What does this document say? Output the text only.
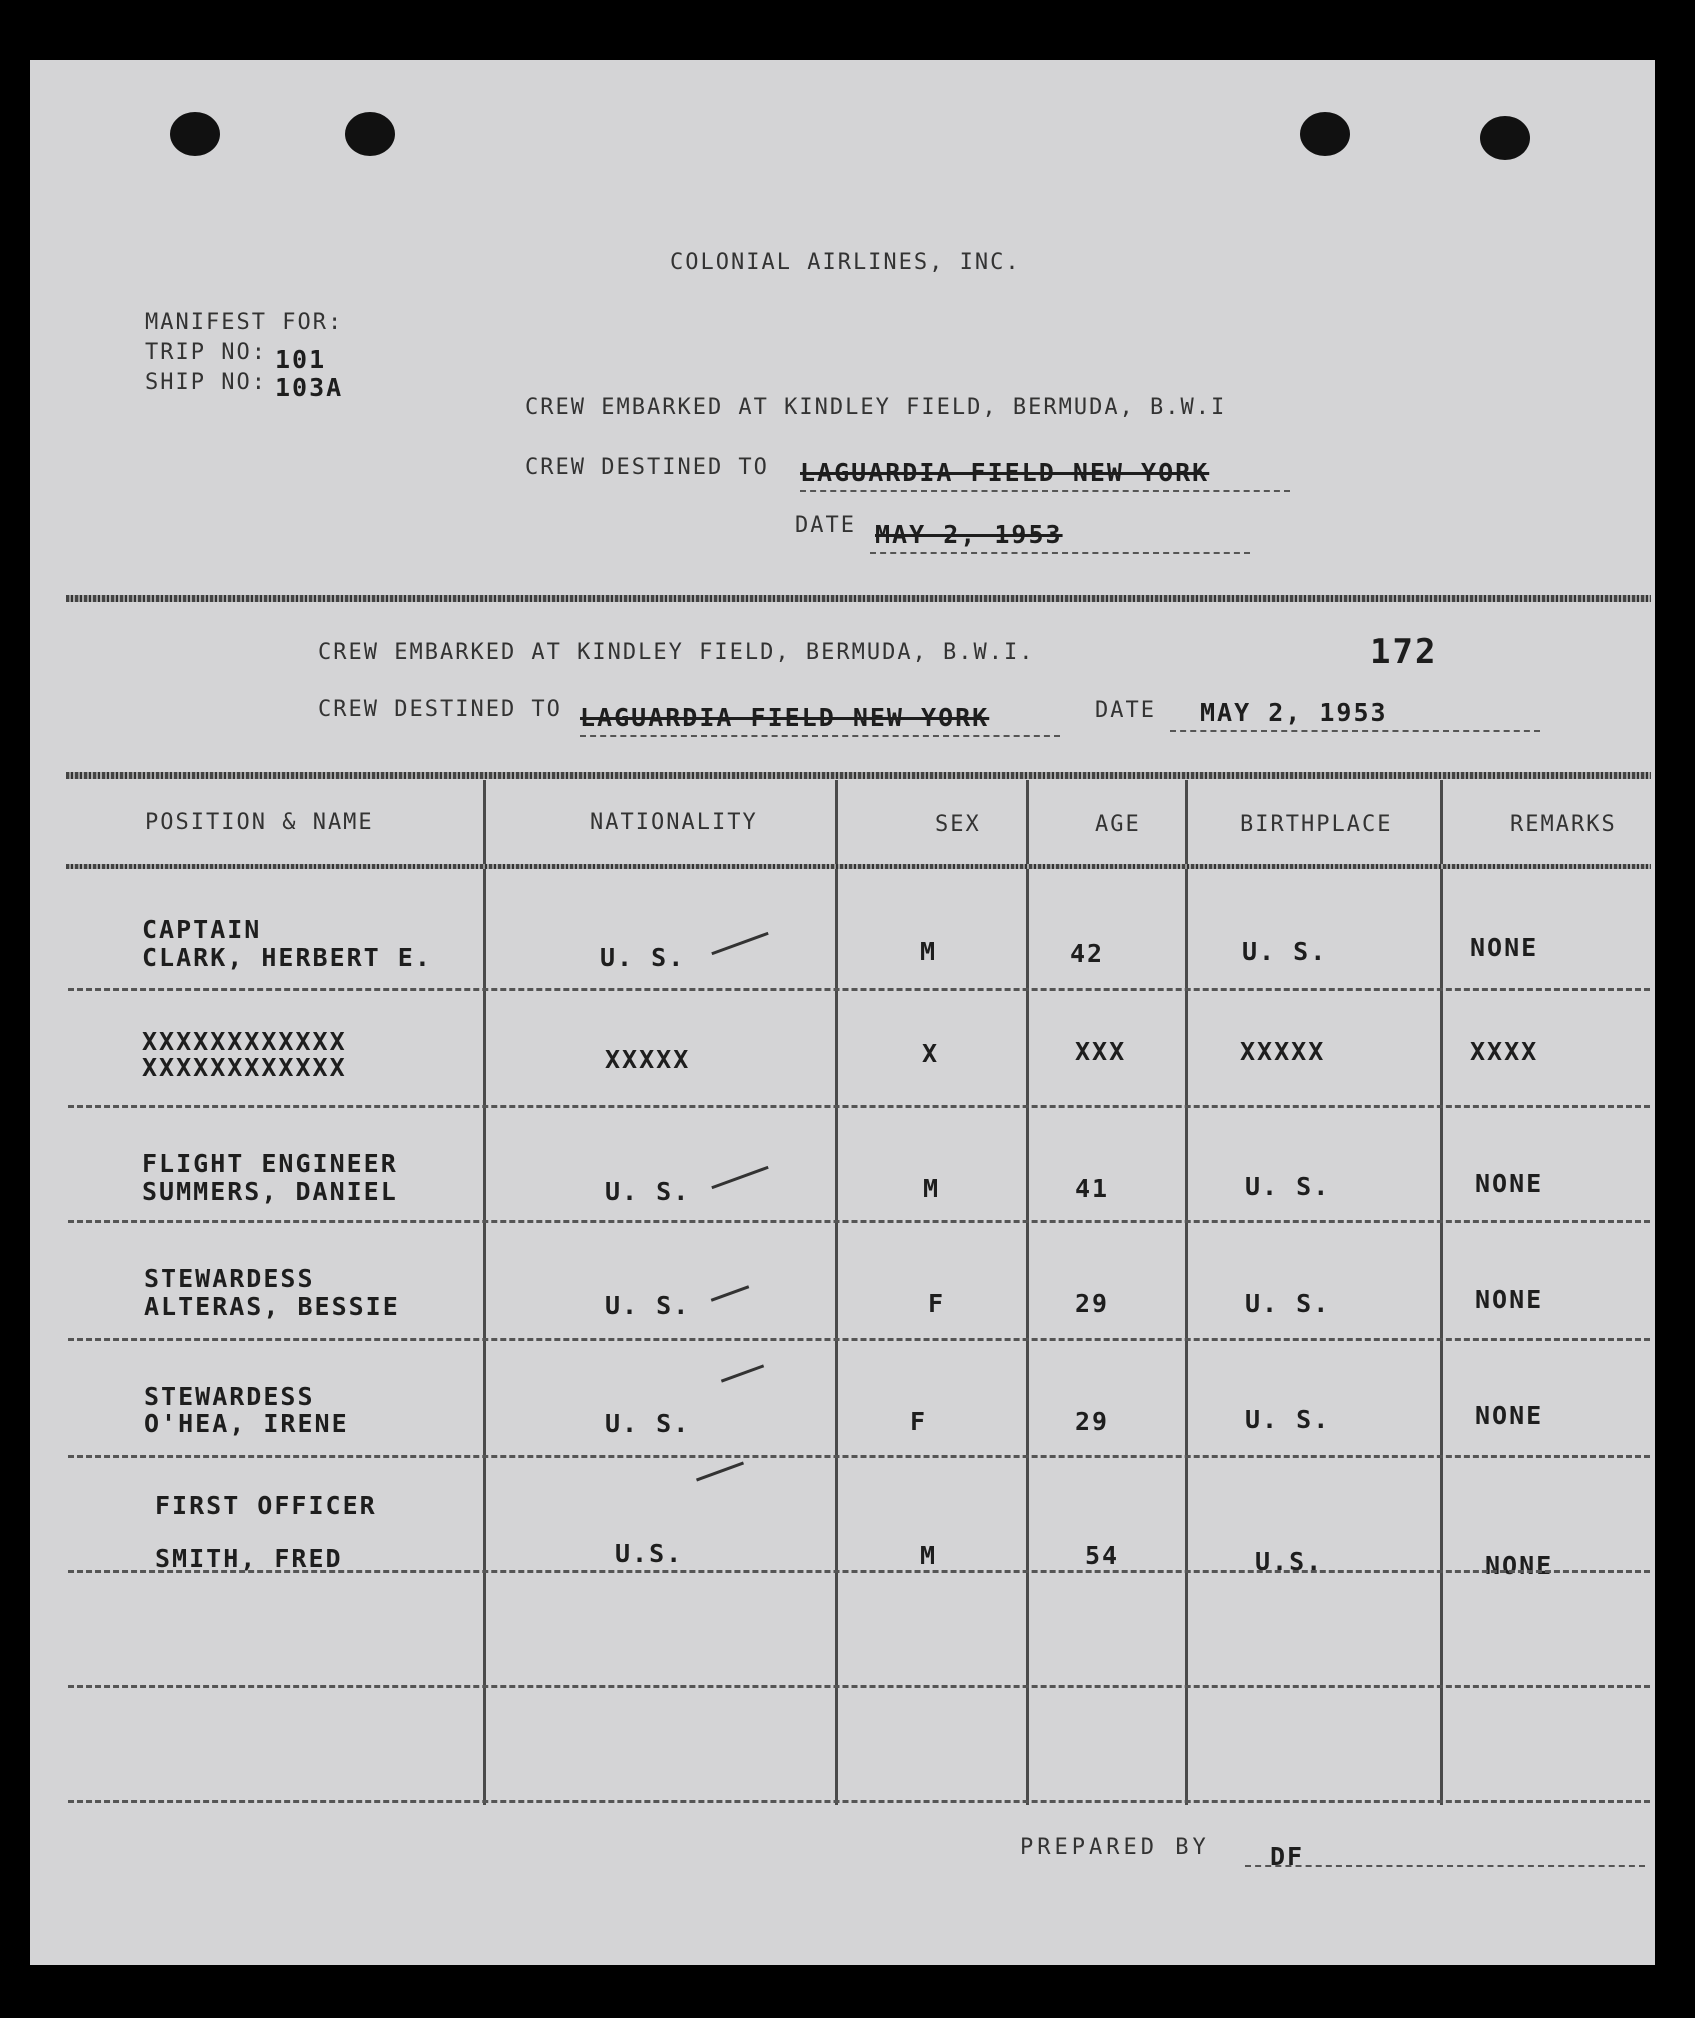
COLONIAL AIRLINES, INC.
MANIFEST FOR:
TRIP NO: 101
SHIP NO: 103A
CREW EMBARKED AT KINDLEY FIELD, BERMUDA, B.W.I
CREW DESTINED TO LAGUARDIA FIELD NEW YORK
DATE MAY 2, 1953
CREW EMBARKED AT KINDLEY FIELD, BERMUDA, B.W.I.	172
CREW DESTINED TO LAGUARDIA FIELD NEW YORK	DATE MAY 2, 1953
POSITION & NAME	NATIONALITY	SEX	AGE	BIRTHPLACE	REMARKS
CAPTAIN
CLARK, HERBERT E.	U. S.	M	42	U. S.	NONE
XXXXXXXXXXXX
XXXXXXXXXXXX	XXXXX	X	XXX	XXXXX	XXXX
FLIGHT ENGINEER
SUMMERS, DANIEL	U. S.	M	41	U. S.	NONE
STEWARDESS
ALTERAS, BESSIE	U. S.	F	29	U. S.	NONE
STEWARDESS
O'HEA, IRENE	U. S.	F	29	U. S.	NONE
FIRST OFFICER
SMITH, FRED	U.S.	M	54	U.S.	NONE
PREPARED BY DF
